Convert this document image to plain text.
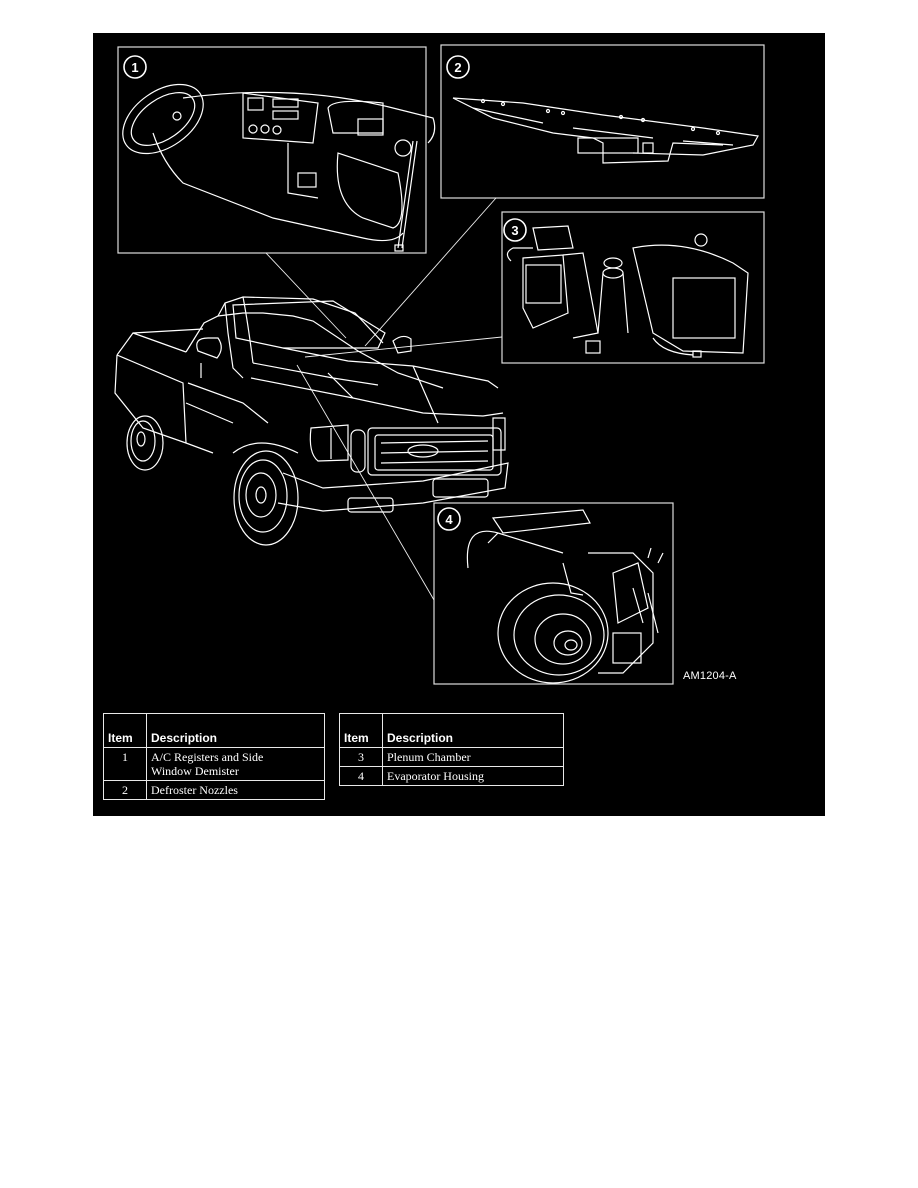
1	2
3
4
AM1204-A
Item	Description
1	A/C Registers and Side
Window Demister

2	Defroster Nozzles
Item	Description
3	Plenum Chamber
4	Evaporator Housing
